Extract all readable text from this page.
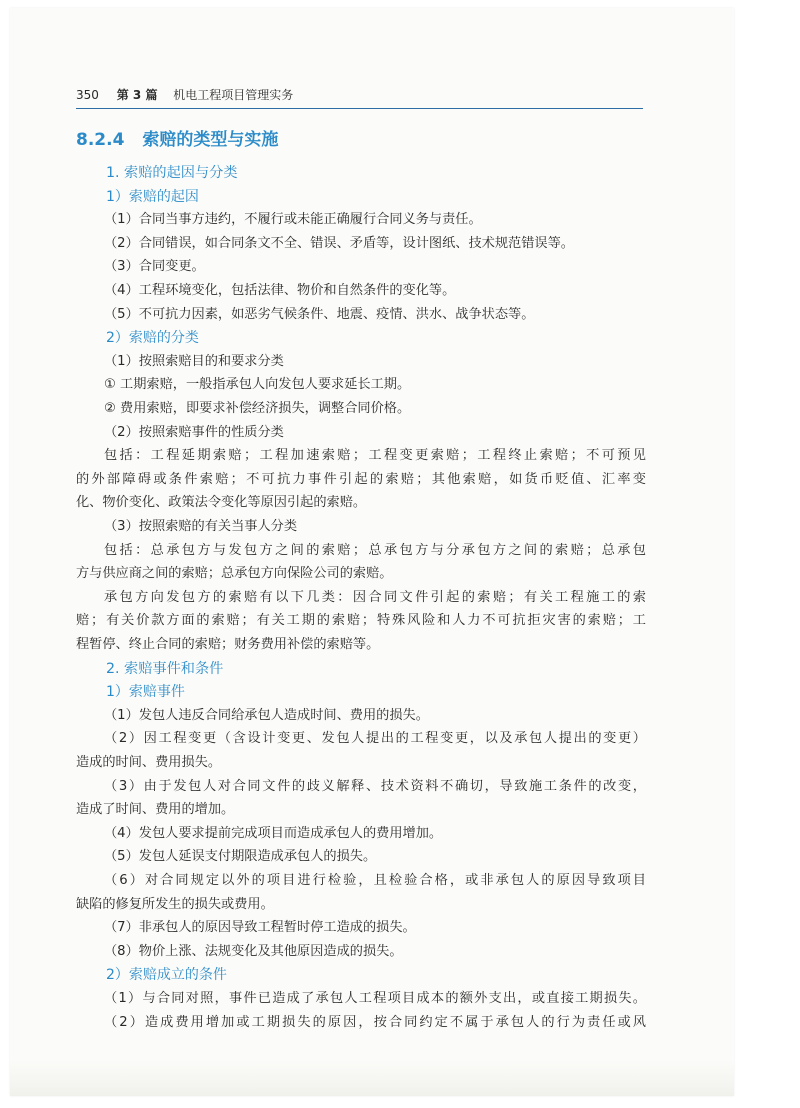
350 第 3 篇 机电工程项目管理实务
8.2.4 索赔的类型与实施
1. 索赔的起因与分类
1）索赔的起因
（1）合同当事方违约，不履行或未能正确履行合同义务与责任。
（2）合同错误，如合同条文不全、错误、矛盾等，设计图纸、技术规范错误等。
（3）合同变更。
（4）工程环境变化，包括法律、物价和自然条件的变化等。
（5）不可抗力因素，如恶劣气候条件、地震、疫情、洪水、战争状态等。
2）索赔的分类
（1）按照索赔目的和要求分类
① 工期索赔，一般指承包人向发包人要求延长工期。
② 费用索赔，即要求补偿经济损失，调整合同价格。
（2）按照索赔事件的性质分类
包括：工程延期索赔；工程加速索赔；工程变更索赔；工程终止索赔；不可预见
的外部障碍或条件索赔；不可抗力事件引起的索赔；其他索赔，如货币贬值、汇率变
化、物价变化、政策法令变化等原因引起的索赔。
（3）按照索赔的有关当事人分类
包括：总承包方与发包方之间的索赔；总承包方与分承包方之间的索赔；总承包
方与供应商之间的索赔；总承包方向保险公司的索赔。
承包方向发包方的索赔有以下几类：因合同文件引起的索赔；有关工程施工的索
赔；有关价款方面的索赔；有关工期的索赔；特殊风险和人力不可抗拒灾害的索赔；工
程暂停、终止合同的索赔；财务费用补偿的索赔等。
2. 索赔事件和条件
1）索赔事件
（1）发包人违反合同给承包人造成时间、费用的损失。
（2）因工程变更（含设计变更、发包人提出的工程变更，以及承包人提出的变更）
造成的时间、费用损失。
（3）由于发包人对合同文件的歧义解释、技术资料不确切，导致施工条件的改变，
造成了时间、费用的增加。
（4）发包人要求提前完成项目而造成承包人的费用增加。
（5）发包人延误支付期限造成承包人的损失。
（6）对合同规定以外的项目进行检验，且检验合格，或非承包人的原因导致项目
缺陷的修复所发生的损失或费用。
（7）非承包人的原因导致工程暂时停工造成的损失。
（8）物价上涨、法规变化及其他原因造成的损失。
2）索赔成立的条件
（1）与合同对照，事件已造成了承包人工程项目成本的额外支出，或直接工期损失。
（2）造成费用增加或工期损失的原因，按合同约定不属于承包人的行为责任或风
